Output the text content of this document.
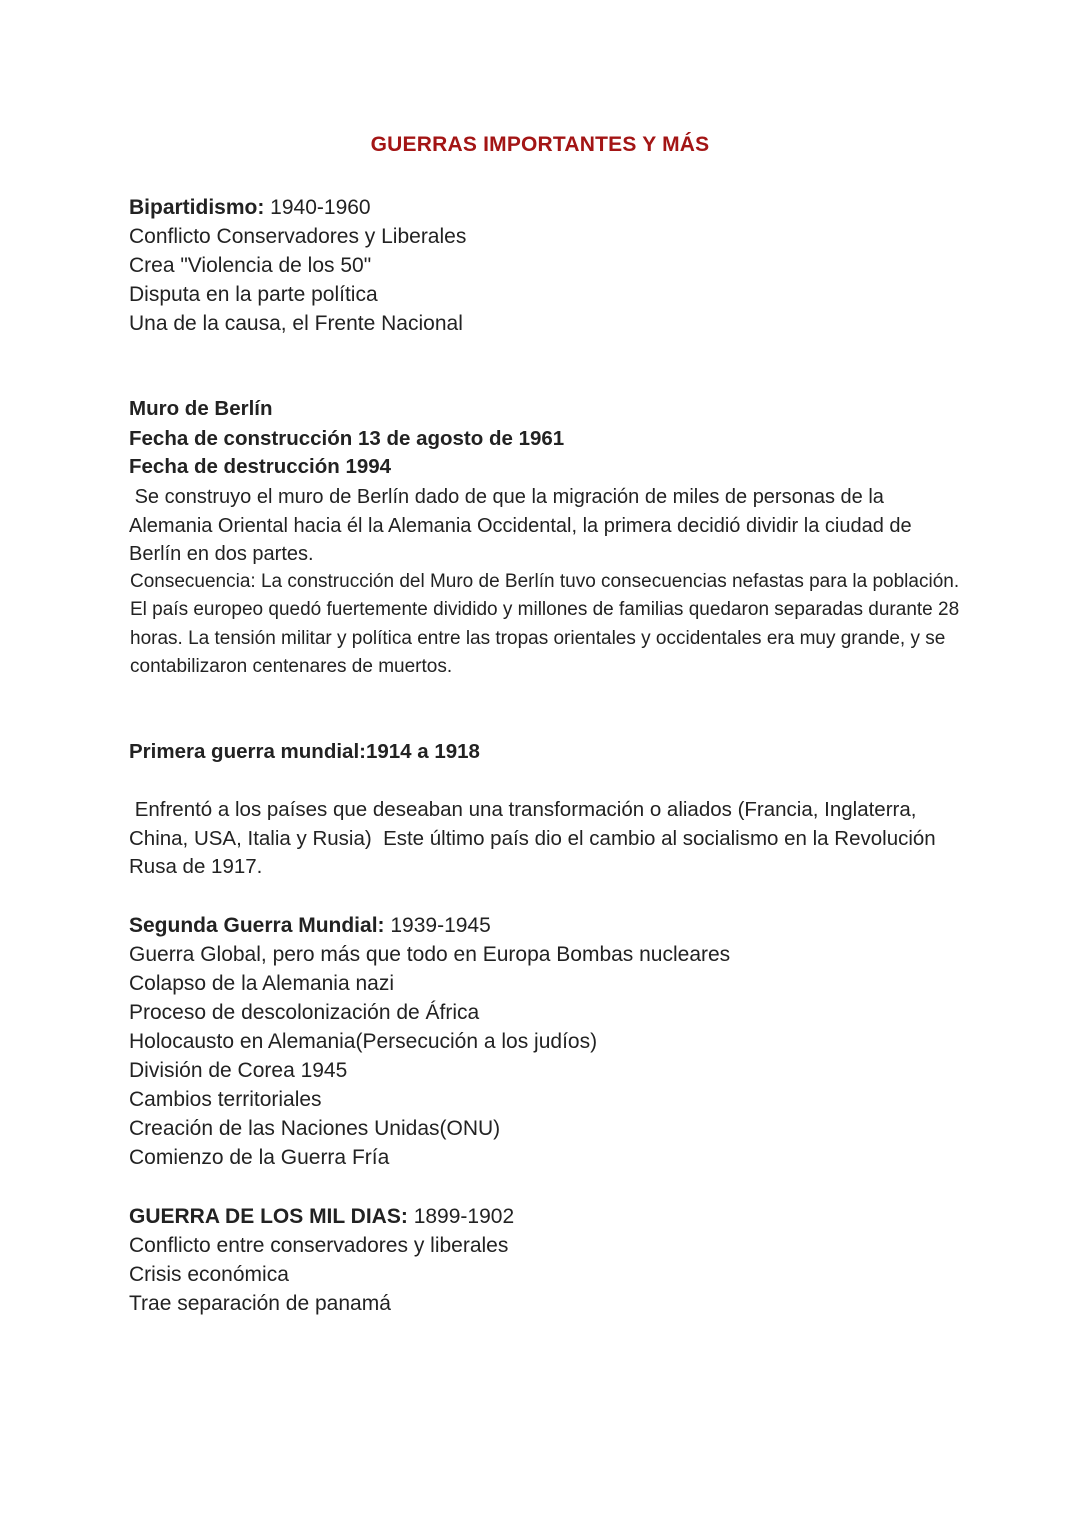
GUERRAS IMPORTANTES Y MÁS
Bipartidismo: 1940-1960
Conflicto Conservadores y Liberales
Crea "Violencia de los 50"
Disputa en la parte política
Una de la causa, el Frente Nacional
Muro de Berlín
Fecha de construcción 13 de agosto de 1961
Fecha de destrucción 1994
Se construyo el muro de Berlín dado de que la migración de miles de personas de la Alemania Oriental hacia él la Alemania Occidental, la primera decidió dividir la ciudad de Berlín en dos partes.
Consecuencia: La construcción del Muro de Berlín tuvo consecuencias nefastas para la población. El país europeo quedó fuertemente dividido y millones de familias quedaron separadas durante 28 horas. La tensión militar y política entre las tropas orientales y occidentales era muy grande, y se contabilizaron centenares de muertos.
Primera guerra mundial:1914 a 1918
Enfrentó a los países que deseaban una transformación o aliados (Francia, Inglaterra, China, USA, Italia y Rusia)  Este último país dio el cambio al socialismo en la Revolución Rusa de 1917.
Segunda Guerra Mundial: 1939-1945
Guerra Global, pero más que todo en Europa Bombas nucleares
Colapso de la Alemania nazi
Proceso de descolonización de África
Holocausto en Alemania(Persecución a los judíos)
División de Corea 1945
Cambios territoriales
Creación de las Naciones Unidas(ONU)
Comienzo de la Guerra Fría
GUERRA DE LOS MIL DIAS: 1899-1902
Conflicto entre conservadores y liberales
Crisis económica
Trae separación de panamá
